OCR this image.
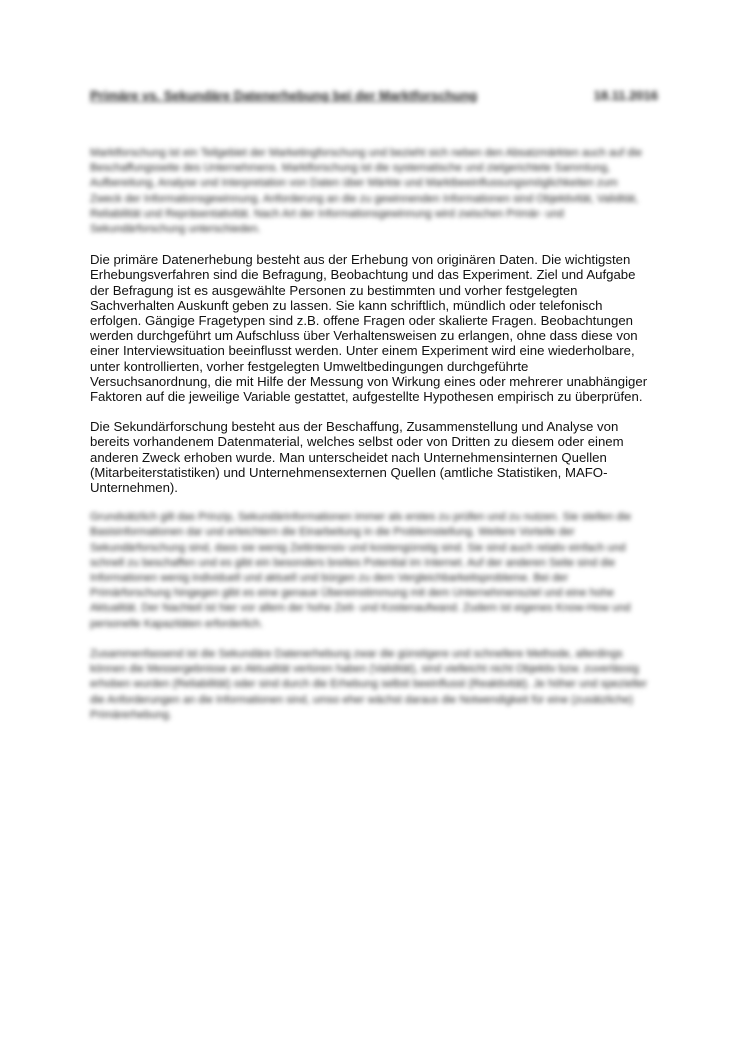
Primäre vs. Sekundäre Datenerhebung bei der Marktforschung	18.11.2016

Marktforschung ist ein Teilgebiet der Marketingforschung und bezieht sich neben den Absatzmärkten auch auf die Beschaffungsseite des Unternehmens. Marktforschung ist die systematische und zielgerichtete Sammlung, Aufbereitung, Analyse und Interpretation von Daten über Märkte und Marktbeeinflussungsmöglichkeiten zum Zweck der Informationsgewinnung. Anforderung an die zu gewinnenden Informationen sind Objektivität, Validität, Reliabilität und Repräsentativität. Nach Art der Informationsgewinnung wird zwischen Primär- und Sekundärforschung unterschieden.

Die primäre Datenerhebung besteht aus der Erhebung von originären Daten. Die wichtigsten Erhebungsverfahren sind die Befragung, Beobachtung und das Experiment. Ziel und Aufgabe der Befragung ist es ausgewählte Personen zu bestimmten und vorher festgelegten Sachverhalten Auskunft geben zu lassen. Sie kann schriftlich, mündlich oder telefonisch erfolgen. Gängige Fragetypen sind z.B. offene Fragen oder skalierte Fragen. Beobachtungen werden durchgeführt um Aufschluss über Verhaltensweisen zu erlangen, ohne dass diese von einer Interviewsituation beeinflusst werden. Unter einem Experiment wird eine wiederholbare, unter kontrollierten, vorher festgelegten Umweltbedingungen durchgeführte Versuchsanordnung, die mit Hilfe der Messung von Wirkung eines oder mehrerer unabhängiger Faktoren auf die jeweilige Variable gestattet, aufgestellte Hypothesen empirisch zu überprüfen.

Die Sekundärforschung besteht aus der Beschaffung, Zusammenstellung und Analyse von bereits vorhandenem Datenmaterial, welches selbst oder von Dritten zu diesem oder einem anderen Zweck erhoben wurde. Man unterscheidet nach Unternehmensinternen Quellen (Mitarbeiterstatistiken) und Unternehmensexternen Quellen (amtliche Statistiken, MAFO-Unternehmen).

Grundsätzlich gilt das Prinzip, Sekundärinformationen immer als erstes zu prüfen und zu nutzen. Sie stellen die Basisinformationen dar und erleichtern die Einarbeitung in die Problemstellung. Weitere Vorteile der Sekundärforschung sind, dass sie wenig Zeitintensiv und kostengünstig sind. Sie sind auch relativ einfach und schnell zu beschaffen und es gibt ein besonders breites Potential im Internet. Auf der anderen Seite sind die Informationen wenig individuell und aktuell und bürgen zu dem Vergleichbarkeitsprobleme. Bei der Primärforschung hingegen gibt es eine genaue Übereinstimmung mit dem Unternehmensziel und eine hohe Aktualität. Der Nachteil ist hier vor allem der hohe Zeit- und Kostenaufwand. Zudem ist eigenes Know-How und personelle Kapazitäten erforderlich.

Zusammenfassend ist die Sekundäre Datenerhebung zwar die günstigere und schnellere Methode, allerdings können die Messergebnisse an Aktualität verloren haben (Validität), sind vielleicht nicht Objektiv bzw. zuverlässig erhoben wurden (Reliabilität) oder sind durch die Erhebung selbst beeinflusst (Reaktivität). Je höher und spezieller die Anforderungen an die Informationen sind, umso eher wächst daraus die Notwendigkeit für eine (zusätzliche) Primärerhebung.
